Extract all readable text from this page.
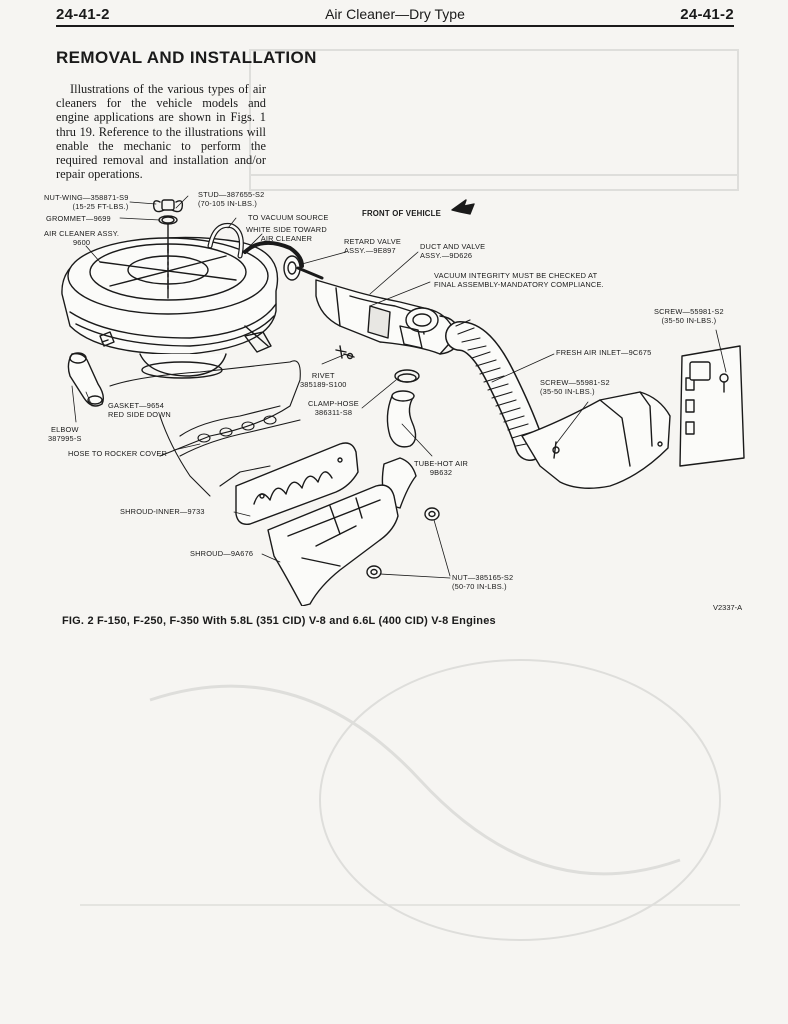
24-41-2	Air Cleaner—Dry Type	24-41-2
REMOVAL AND INSTALLATION

Illustrations of the various types of air cleaners for the vehicle models and engine applications are shown in Figs. 1 thru 19. Reference to the illustrations will enable the mechanic to perform the required removal and installation and/or repair operations.

NUT-WING—358871-S9
(15-25 FT-LBS.)
STUD—387655-S2
(70-105 IN-LBS.)
GROMMET—9699	TO VACUUM SOURCE
WHITE SIDE TOWARD
AIR CLEANER
FRONT OF VEHICLE
AIR CLEANER ASSY.
9600	RETARD VALVE
ASSY.—9E897	DUCT AND VALVE
ASSY.—9D626
VACUUM INTEGRITY MUST BE CHECKED AT
FINAL ASSEMBLY-MANDATORY COMPLIANCE.
SCREW—55981-S2
(35-50 IN-LBS.)
FRESH AIR INLET—9C675
RIVET
385189-S100	SCREW—55981-S2
(35-50 IN-LBS.)
GASKET—9654
RED SIDE DOWN
CLAMP-HOSE
386311-S8
ELBOW
387995-S
HOSE TO ROCKER COVER
TUBE-HOT AIR
9B632
SHROUD-INNER—9733
SHROUD—9A676
NUT—385165-S2
(50-70 IN-LBS.)
V2337-A

FIG. 2 F-150, F-250, F-350 With 5.8L (351 CID) V-8 and 6.6L (400 CID) V-8 Engines
